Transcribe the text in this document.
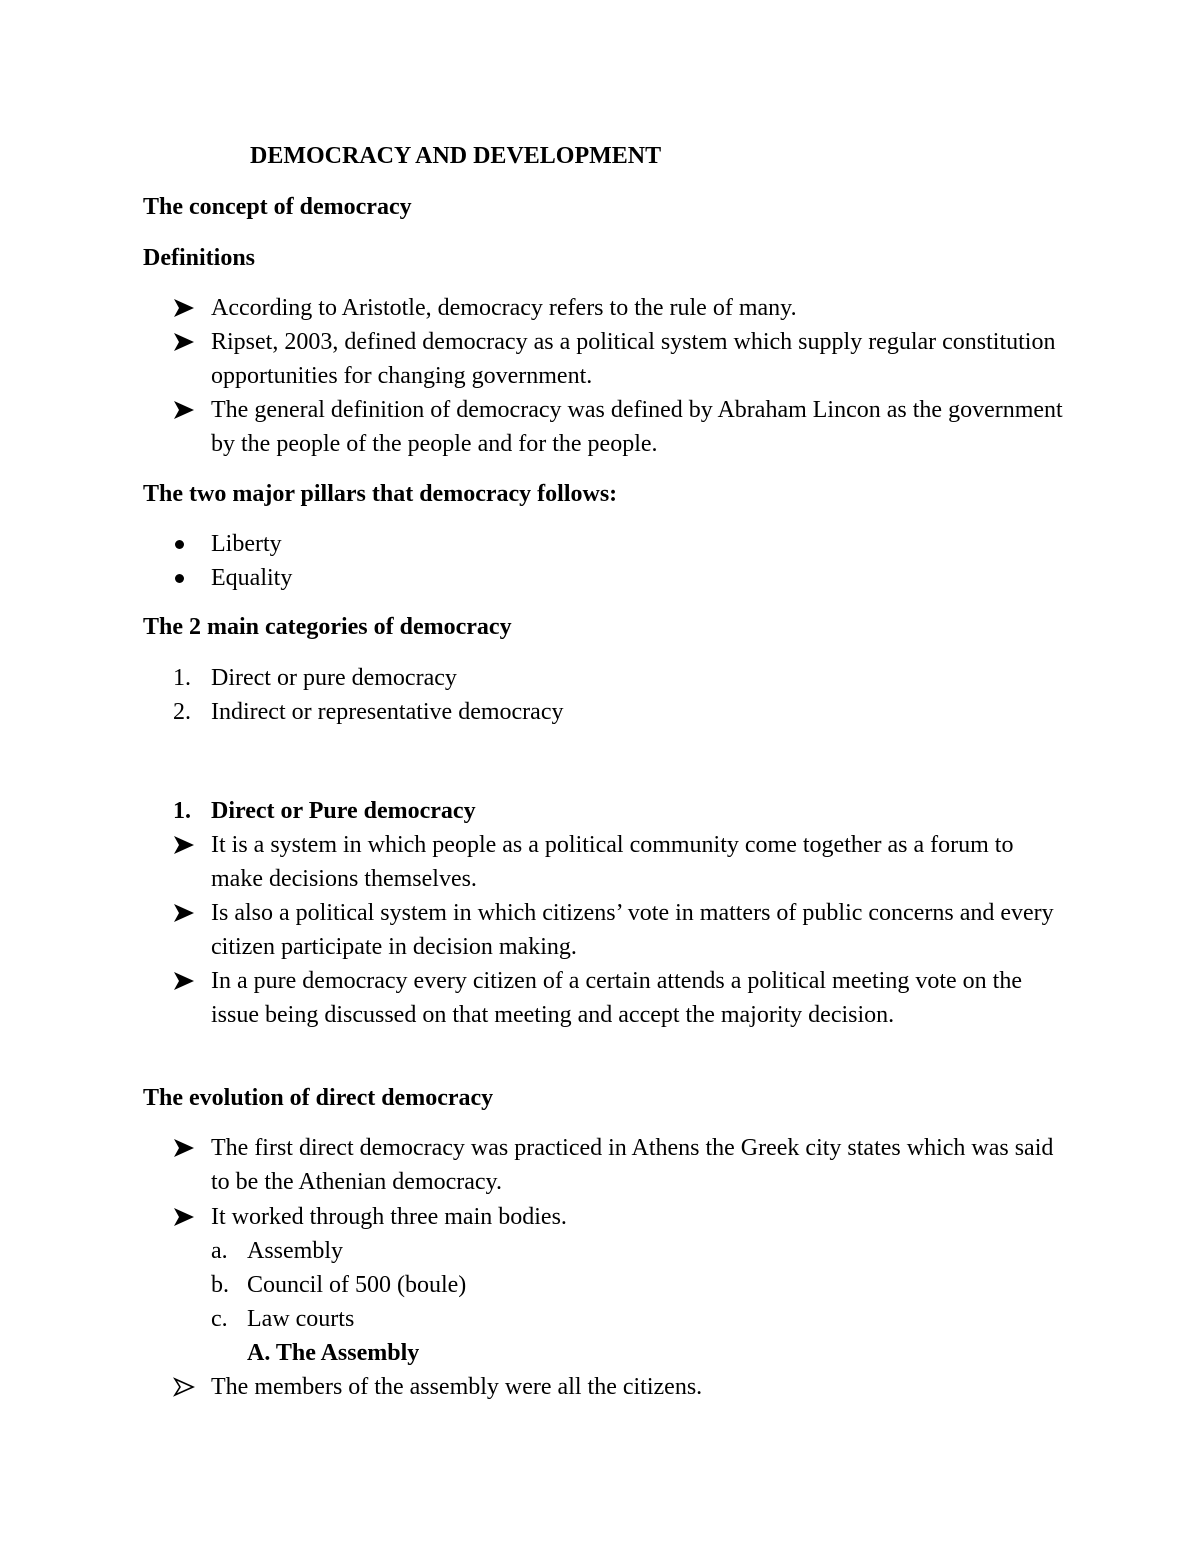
DEMOCRACY AND DEVELOPMENT
The concept of democracy
Definitions
According to Aristotle, democracy refers to the rule of many.
Ripset, 2003, defined democracy as a political system which supply regular constitution opportunities for changing government.
The general definition of democracy was defined by Abraham Lincon as the government by the people of the people and for the people.
The two major pillars that democracy follows:
Liberty
Equality
The 2 main categories of democracy
1. Direct or pure democracy
2. Indirect or representative democracy
1. Direct or Pure democracy
It is a system in which people as a political community come together as a forum to make decisions themselves.
Is also a political system in which citizens’ vote in matters of public concerns and every citizen participate in decision making.
In a pure democracy every citizen of a certain attends a political meeting vote on the issue being discussed on that meeting and accept the majority decision.
The evolution of direct democracy
The first direct democracy was practiced in Athens the Greek city states which was said to be the Athenian democracy.
It worked through three main bodies.
a. Assembly
b. Council of 500 (boule)
c. Law courts
A. The Assembly
The members of the assembly were all the citizens.
